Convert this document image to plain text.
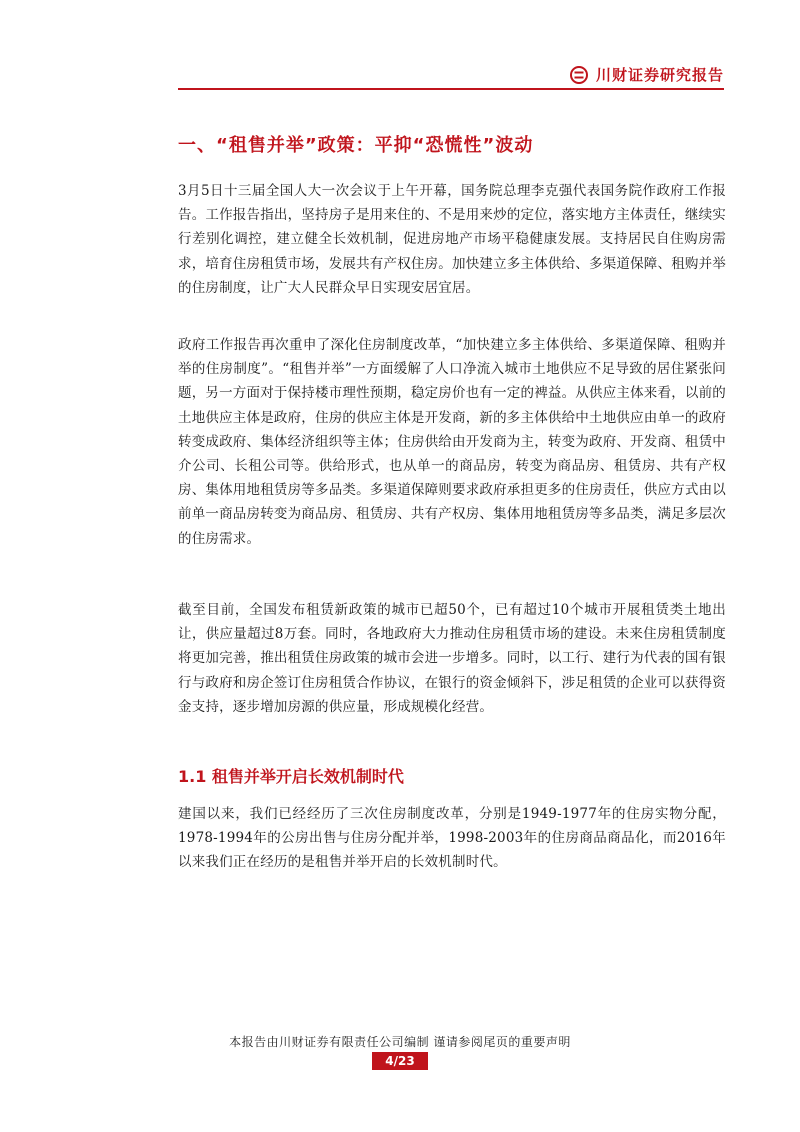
川财证券研究报告
一、“租售并举”政策：平抑“恐慌性”波动

3月5日十三届全国人大一次会议于上午开幕，国务院总理李克强代表国务院作政府工作报告。工作报告指出，坚持房子是用来住的、不是用来炒的定位，落实地方主体责任，继续实行差别化调控，建立健全长效机制，促进房地产市场平稳健康发展。支持居民自住购房需求，培育住房租赁市场，发展共有产权住房。加快建立多主体供给、多渠道保障、租购并举的住房制度，让广大人民群众早日实现安居宜居。

政府工作报告再次重申了深化住房制度改革，“加快建立多主体供给、多渠道保障、租购并举的住房制度”。“租售并举”一方面缓解了人口净流入城市土地供应不足导致的居住紧张问题，另一方面对于保持楼市理性预期，稳定房价也有一定的裨益。从供应主体来看，以前的土地供应主体是政府，住房的供应主体是开发商，新的多主体供给中土地供应由单一的政府转变成政府、集体经济组织等主体；住房供给由开发商为主，转变为政府、开发商、租赁中介公司、长租公司等。供给形式，也从单一的商品房，转变为商品房、租赁房、共有产权房、集体用地租赁房等多品类。多渠道保障则要求政府承担更多的住房责任，供应方式由以前单一商品房转变为商品房、租赁房、共有产权房、集体用地租赁房等多品类，满足多层次的住房需求。

截至目前，全国发布租赁新政策的城市已超50个，已有超过10个城市开展租赁类土地出让，供应量超过8万套。同时，各地政府大力推动住房租赁市场的建设。未来住房租赁制度将更加完善，推出租赁住房政策的城市会进一步增多。同时，以工行、建行为代表的国有银行与政府和房企签订住房租赁合作协议，在银行的资金倾斜下，涉足租赁的企业可以获得资金支持，逐步增加房源的供应量，形成规模化经营。

1.1 租售并举开启长效机制时代

建国以来，我们已经经历了三次住房制度改革，分别是1949-1977年的住房实物分配，1978-1994年的公房出售与住房分配并举，1998-2003年的住房商品商品化，而2016年以来我们正在经历的是租售并举开启的长效机制时代。

本报告由川财证券有限责任公司编制 谨请参阅尾页的重要声明
4/23
